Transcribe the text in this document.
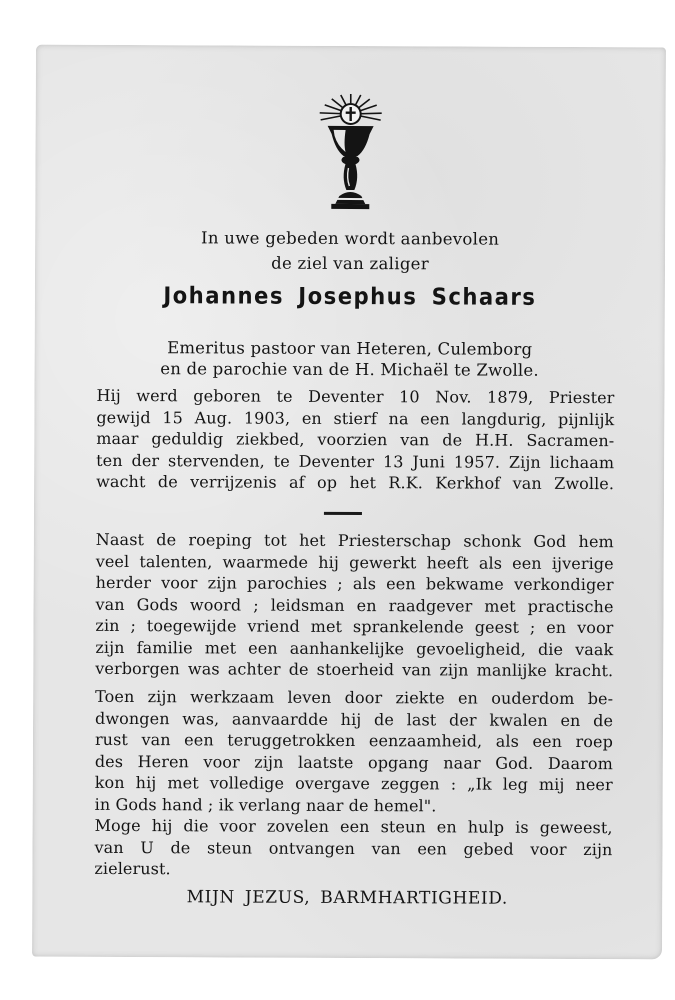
In uwe gebeden wordt aanbevolen
de ziel van zaliger
Johannes Josephus Schaars
Emeritus pastoor van Heteren, Culemborg
en de parochie van de H. Michaël te Zwolle.
Hij werd geboren te Deventer 10 Nov. 1879, Priester
gewijd 15 Aug. 1903, en stierf na een langdurig, pijnlijk
maar geduldig ziekbed, voorzien van de H.H. Sacramen-
ten der stervenden, te Deventer 13 Juni 1957. Zijn lichaam
wacht de verrijzenis af op het R.K. Kerkhof van Zwolle.
Naast de roeping tot het Priesterschap schonk God hem
veel talenten, waarmede hij gewerkt heeft als een ijverige
herder voor zijn parochies ; als een bekwame verkondiger
van Gods woord ; leidsman en raadgever met practische
zin ; toegewijde vriend met sprankelende geest ; en voor
zijn familie met een aanhankelijke gevoeligheid, die vaak
verborgen was achter de stoerheid van zijn manlijke kracht.
Toen zijn werkzaam leven door ziekte en ouderdom be-
dwongen was, aanvaardde hij de last der kwalen en de
rust van een teruggetrokken eenzaamheid, als een roep
des Heren voor zijn laatste opgang naar God. Daarom
kon hij met volledige overgave zeggen : „Ik leg mij neer
in Gods hand ; ik verlang naar de hemel".
Moge hij die voor zovelen een steun en hulp is geweest,
van U de steun ontvangen van een gebed voor zijn
zielerust.
MIJN JEZUS, BARMHARTIGHEID.
